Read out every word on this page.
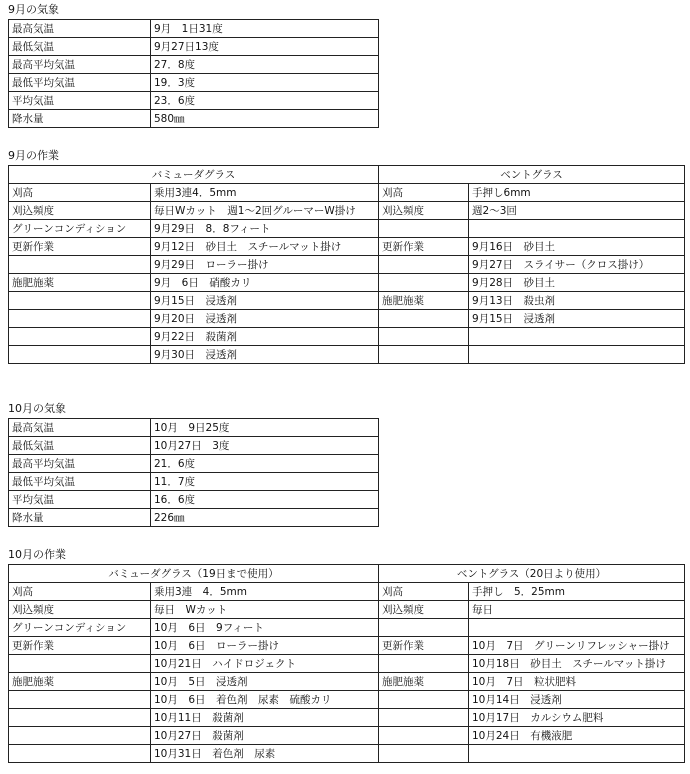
9月の気象
最高気温	9月　1日31度
最低気温	9月27日13度
最高平均気温	27．8度
最低平均気温	19．3度
平均気温	23．6度
降水量	580㎜
9月の作業
バミューダグラス		ベントグラス	
刈高	乗用3連4．5mm	刈高	手押し6mm
刈込頻度	毎日Wカット　週1～2回グルーマーW掛け	刈込頻度	週2～3回
グリーンコンディション	9月29日　8．8フィート		
更新作業	9月12日　砂目土　スチールマット掛け	更新作業	9月16日　砂目土
	9月29日　ローラー掛け		9月27日　スライサー（クロス掛け）
施肥施薬	9月　6日　硝酸カリ		9月28日　砂目土
	9月15日　浸透剤	施肥施薬	9月13日　殺虫剤
	9月20日　浸透剤		9月15日　浸透剤
	9月22日　殺菌剤		
	9月30日　浸透剤		
10月の気象
最高気温	10月　9日25度
最低気温	10月27日　3度
最高平均気温	21．6度
最低平均気温	11．7度
平均気温	16．6度
降水量	226㎜
10月の作業
バミューダグラス（19日まで使用）		ベントグラス（20日より使用）	
刈高	乗用3連　4．5mm	刈高	手押し　5．25mm
刈込頻度	毎日　Wカット	刈込頻度	毎日
グリーンコンディション	10月　6日　9フィート		
更新作業	10月　6日　ローラー掛け	更新作業	10月　7日　グリーンリフレッシャー掛け
	10月21日　ハイドロジェクト		10月18日　砂目土　スチールマット掛け
施肥施薬	10月　5日　浸透剤	施肥施薬	10月　7日　粒状肥料
	10月　6日　着色剤　尿素　硫酸カリ		10月14日　浸透剤
	10月11日　殺菌剤		10月17日　カルシウム肥料
	10月27日　殺菌剤		10月24日　有機液肥
	10月31日　着色剤　尿素		
